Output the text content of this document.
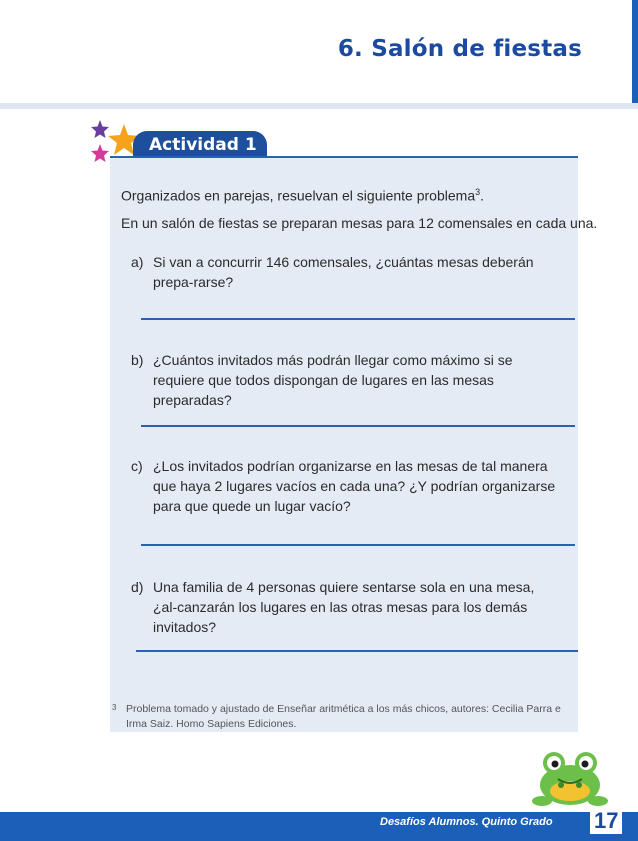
6. Salón de fiestas
Actividad 1
Organizados en parejas, resuelvan el siguiente problema$^3$.
En un salón de fiestas se preparan mesas para 12 comensales en cada una.
a) Si van a concurrir 146 comensales, ¿cuántas mesas deberán prepa-rarse?
b) ¿Cuántos invitados más podrán llegar como máximo si se requiere que todos dispongan de lugares en las mesas preparadas?
c) ¿Los invitados podrían organizarse en las mesas de tal manera que haya 2 lugares vacíos en cada una? ¿Y podrían organizarse para que quede un lugar vacío?
d) Una familia de 4 personas quiere sentarse sola en una mesa, ¿al-canzarán los lugares en las otras mesas para los demás invitados?
3 Problema tomado y ajustado de Enseñar aritmética a los más chicos, autores: Cecilia Parra e Irma Saiz. Homo Sapiens Ediciones.
Desafíos Alumnos. Quinto Grado 17
